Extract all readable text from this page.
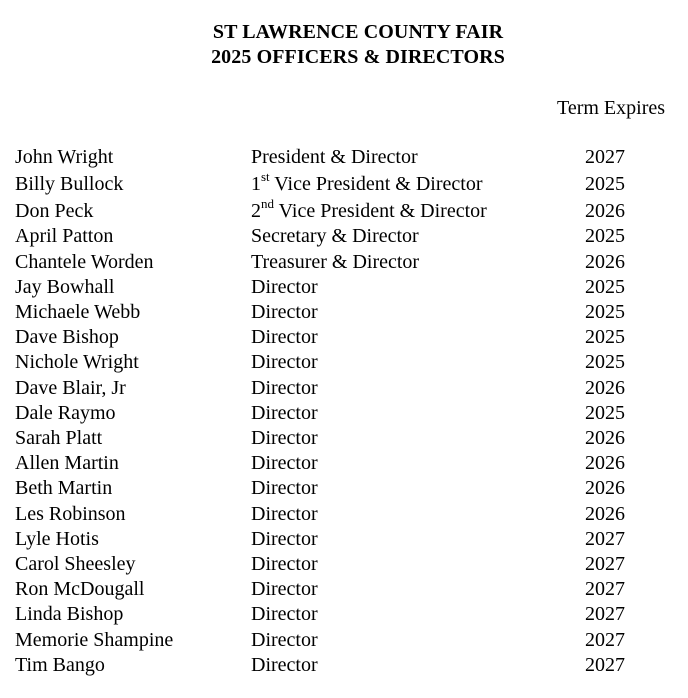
ST LAWRENCE COUNTY FAIR
2025 OFFICERS & DIRECTORS
Term Expires
John Wright	President & Director	2027
Billy Bullock	1st Vice President & Director	2025
Don Peck	2nd Vice President & Director	2026
April Patton	Secretary & Director	2025
Chantele Worden	Treasurer & Director	2026
Jay Bowhall	Director	2025
Michaele Webb	Director	2025
Dave Bishop	Director	2025
Nichole Wright	Director	2025
Dave Blair, Jr	Director	2026
Dale Raymo	Director	2025
Sarah Platt	Director	2026
Allen Martin	Director	2026
Beth Martin	Director	2026
Les Robinson	Director	2026
Lyle Hotis	Director	2027
Carol Sheesley	Director	2027
Ron McDougall	Director	2027
Linda Bishop	Director	2027
Memorie Shampine	Director	2027
Tim Bango	Director	2027
